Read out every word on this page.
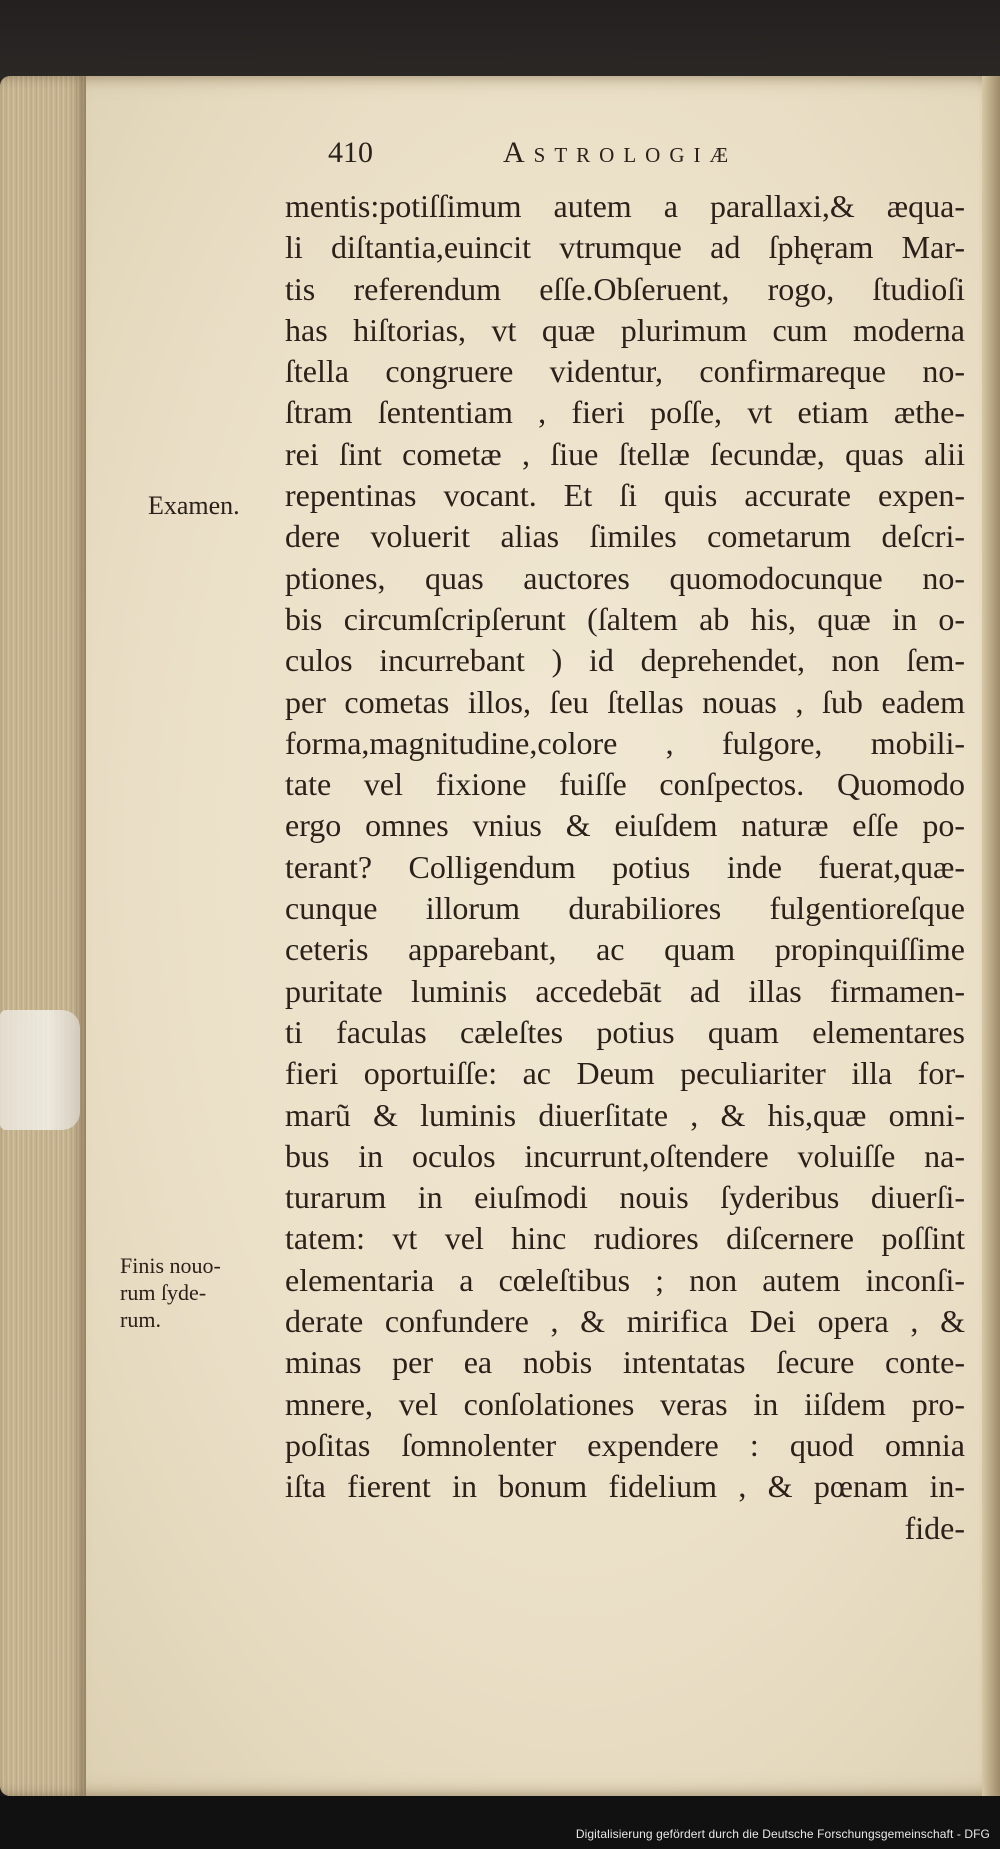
410	Astrologiæ
Examen.
Finis nouo-
rum ſyde-
rum.
mentis:potiſſimum autem a parallaxi,& æqua-
li diſtantia,euincit vtrumque ad ſphęram Mar-
tis referendum eſſe.Obſeruent, rogo, ſtudioſi
has hiſtorias, vt quæ plurimum cum moderna
ſtella congruere videntur, confirmareque no-
ſtram ſententiam , fieri poſſe, vt etiam æthe-
rei ſint cometæ , ſiue ſtellæ ſecundæ, quas alii
repentinas vocant. Et ſi quis accurate expen-
dere voluerit alias ſimiles cometarum deſcri-
ptiones, quas auctores quomodocunque no-
bis circumſcripſerunt (ſaltem ab his, quæ in o-
culos incurrebant ) id deprehendet, non ſem-
per cometas illos, ſeu ſtellas nouas , ſub eadem
forma,magnitudine,colore , fulgore, mobili-
tate vel fixione fuiſſe conſpectos. Quomodo
ergo omnes vnius & eiuſdem naturæ eſſe po-
terant? Colligendum potius inde fuerat,quæ-
cunque illorum durabiliores fulgentioreſque
ceteris apparebant, ac quam propinquiſſime
puritate luminis accedebāt ad illas firmamen-
ti faculas cæleſtes potius quam elementares
fieri oportuiſſe: ac Deum peculiariter illa for-
marũ & luminis diuerſitate , & his,quæ omni-
bus in oculos incurrunt,oſtendere voluiſſe na-
turarum in eiuſmodi nouis ſyderibus diuerſi-
tatem: vt vel hinc rudiores diſcernere poſſint
elementaria a cœleſtibus ; non autem inconſi-
derate confundere , & mirifica Dei opera , &
minas per ea nobis intentatas ſecure conte-
mnere, vel conſolationes veras in iiſdem pro-
poſitas ſomnolenter expendere : quod omnia
iſta fierent in bonum fidelium , & pœnam in-
fide-
Digitalisierung gefördert durch die Deutsche Forschungsgemeinschaft - DFG
